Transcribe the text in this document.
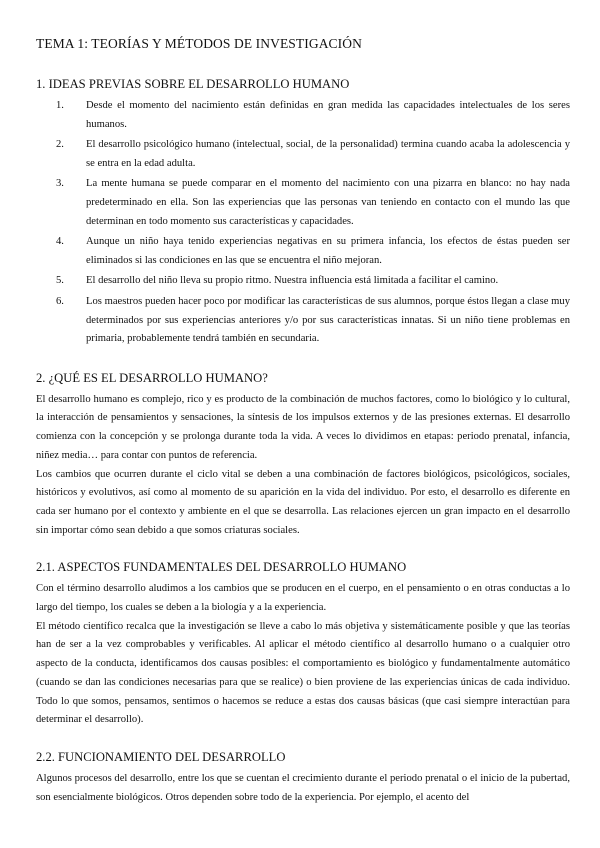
TEMA 1: TEORÍAS Y MÉTODOS DE INVESTIGACIÓN
1. IDEAS PREVIAS SOBRE EL DESARROLLO HUMANO
1.	Desde el momento del nacimiento están definidas en gran medida las capacidades intelectuales de los seres humanos.
2.	El desarrollo psicológico humano (intelectual, social, de la personalidad) termina cuando acaba la adolescencia y se entra en la edad adulta.
3.	La mente humana se puede comparar en el momento del nacimiento con una pizarra en blanco: no hay nada predeterminado en ella. Son las experiencias que las personas van teniendo en contacto con el mundo las que determinan en todo momento sus características y capacidades.
4.	Aunque un niño haya tenido experiencias negativas en su primera infancia, los efectos de éstas pueden ser eliminados si las condiciones en las que se encuentra el niño mejoran.
5.	El desarrollo del niño lleva su propio ritmo. Nuestra influencia está limitada a facilitar el camino.
6.	Los maestros pueden hacer poco por modificar las características de sus alumnos, porque éstos llegan a clase muy determinados por sus experiencias anteriores y/o por sus características innatas. Si un niño tiene problemas en primaria, probablemente tendrá también en secundaria.
2. ¿QUÉ ES EL DESARROLLO HUMANO?

El desarrollo humano es complejo, rico y es producto de la combinación de muchos factores, como lo biológico y lo cultural, la interacción de pensamientos y sensaciones, la síntesis de los impulsos externos y de las presiones externas. El desarrollo comienza con la concepción y se prolonga durante toda la vida. A veces lo dividimos en etapas: periodo prenatal, infancia, niñez media… para contar con puntos de referencia.

Los cambios que ocurren durante el ciclo vital se deben a una combinación de factores biológicos, psicológicos, sociales, históricos y evolutivos, así como al momento de su aparición en la vida del individuo. Por esto, el desarrollo es diferente en cada ser humano por el contexto y ambiente en el que se desarrolla. Las relaciones ejercen un gran impacto en el desarrollo sin importar cómo sean debido a que somos criaturas sociales.

2.1. ASPECTOS FUNDAMENTALES DEL DESARROLLO HUMANO

Con el término desarrollo aludimos a los cambios que se producen en el cuerpo, en el pensamiento o en otras conductas a lo largo del tiempo, los cuales se deben a la biología y a la experiencia.

El método científico recalca que la investigación se lleve a cabo lo más objetiva y sistemáticamente posible y que las teorías han de ser a la vez comprobables y verificables. Al aplicar el método científico al desarrollo humano o a cualquier otro aspecto de la conducta, identificamos dos causas posibles: el comportamiento es biológico y fundamentalmente automático (cuando se dan las condiciones necesarias para que se realice) o bien proviene de las experiencias únicas de cada individuo. Todo lo que somos, pensamos, sentimos o hacemos se reduce a estas dos causas básicas (que casi siempre interactúan para determinar el desarrollo).

2.2. FUNCIONAMIENTO DEL DESARROLLO

Algunos procesos del desarrollo, entre los que se cuentan el crecimiento durante el periodo prenatal o el inicio de la pubertad, son esencialmente biológicos. Otros dependen sobre todo de la experiencia. Por ejemplo, el acento del
